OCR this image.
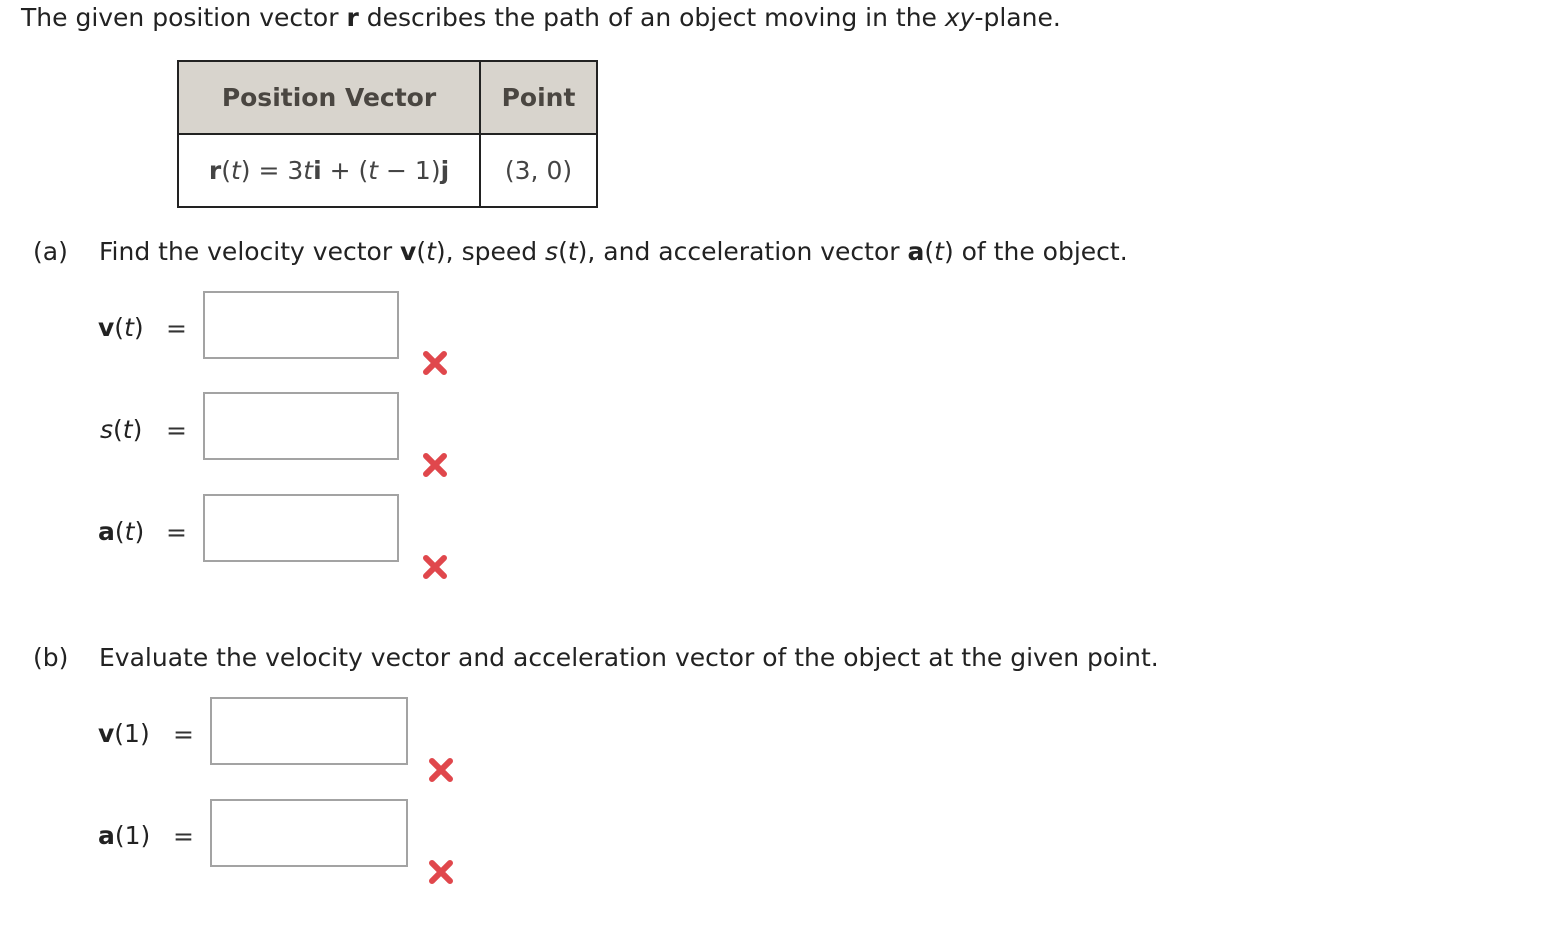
The given position vector r describes the path of an object moving in the xy-plane.
Position Vector	Point
r(t) = 3ti + (t − 1)j	(3, 0)
(a) Find the velocity vector v(t), speed s(t), and acceleration vector a(t) of the object.
v(t) =
s(t) =
a(t) =
(b) Evaluate the velocity vector and acceleration vector of the object at the given point.
v(1) =
a(1) =
